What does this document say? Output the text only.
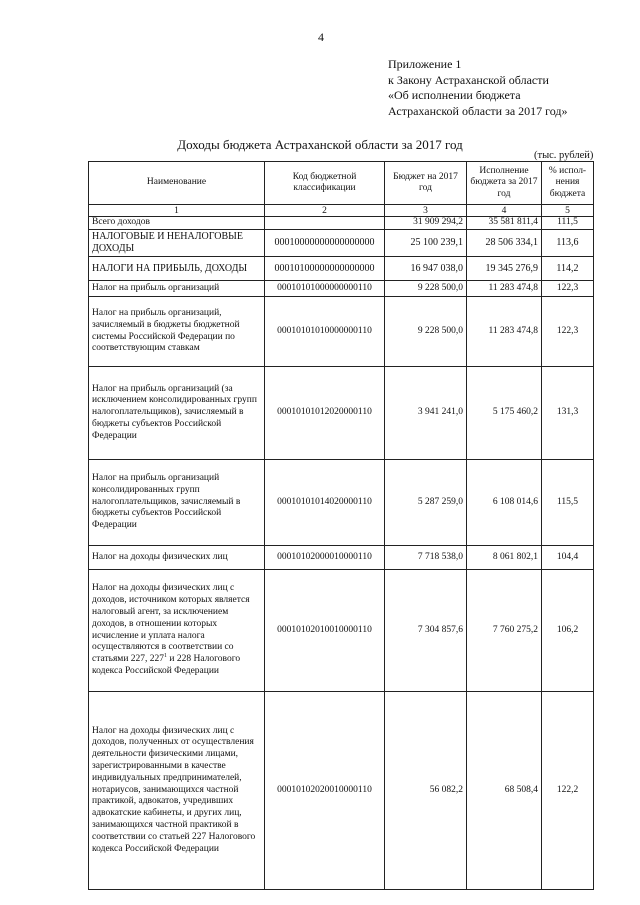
4
Приложение 1
к Закону Астраханской области
«Об исполнении бюджета
Астраханской области за 2017 год»
Доходы бюджета Астраханской области за 2017 год
(тыс. рублей)
Наименование	Код бюджетной классификации	Бюджет на 2017 год	Исполнение бюджета за 2017 год	% испол- нения бюджета
1	2	3	4	5
Всего доходов		31 909 294,2	35 581 811,4	111,5
НАЛОГОВЫЕ И НЕНАЛОГОВЫЕ ДОХОДЫ	00010000000000000000	25 100 239,1	28 506 334,1	113,6
НАЛОГИ НА ПРИБЫЛЬ, ДОХОДЫ	00010100000000000000	16 947 038,0	19 345 276,9	114,2
Налог на прибыль организаций	00010101000000000110	9 228 500,0	11 283 474,8	122,3
Налог на прибыль организаций, зачисляемый в бюджеты бюджетной системы Российской Федерации по соответствующим ставкам	00010101010000000110	9 228 500,0	11 283 474,8	122,3
Налог на прибыль организаций (за исключением консолидированных групп налогоплательщиков), зачисляемый в бюджеты субъектов Российской Федерации	00010101012020000110	3 941 241,0	5 175 460,2	131,3
Налог на прибыль организаций консолидированных групп налогоплательщиков, зачисляемый в бюджеты субъектов Российской Федерации	00010101014020000110	5 287 259,0	6 108 014,6	115,5
Налог на доходы физических лиц	00010102000010000110	7 718 538,0	8 061 802,1	104,4
Налог на доходы физических лиц с доходов, источником которых является налоговый агент, за исключением доходов, в отношении которых исчисление и уплата налога осуществляются в соответствии со статьями 227, $227^1$ и 228 Налогового кодекса Российской Федерации	00010102010010000110	7 304 857,6	7 760 275,2	106,2
Налог на доходы физических лиц с доходов, полученных от осуществления деятельности физическими лицами, зарегистрированными в качестве индивидуальных предпринимателей, нотариусов, занимающихся частной практикой, адвокатов, учредивших адвокатские кабинеты, и других лиц, занимающихся частной практикой в соответствии со статьей 227 Налогового кодекса Российской Федерации	00010102020010000110	56 082,2	68 508,4	122,2
